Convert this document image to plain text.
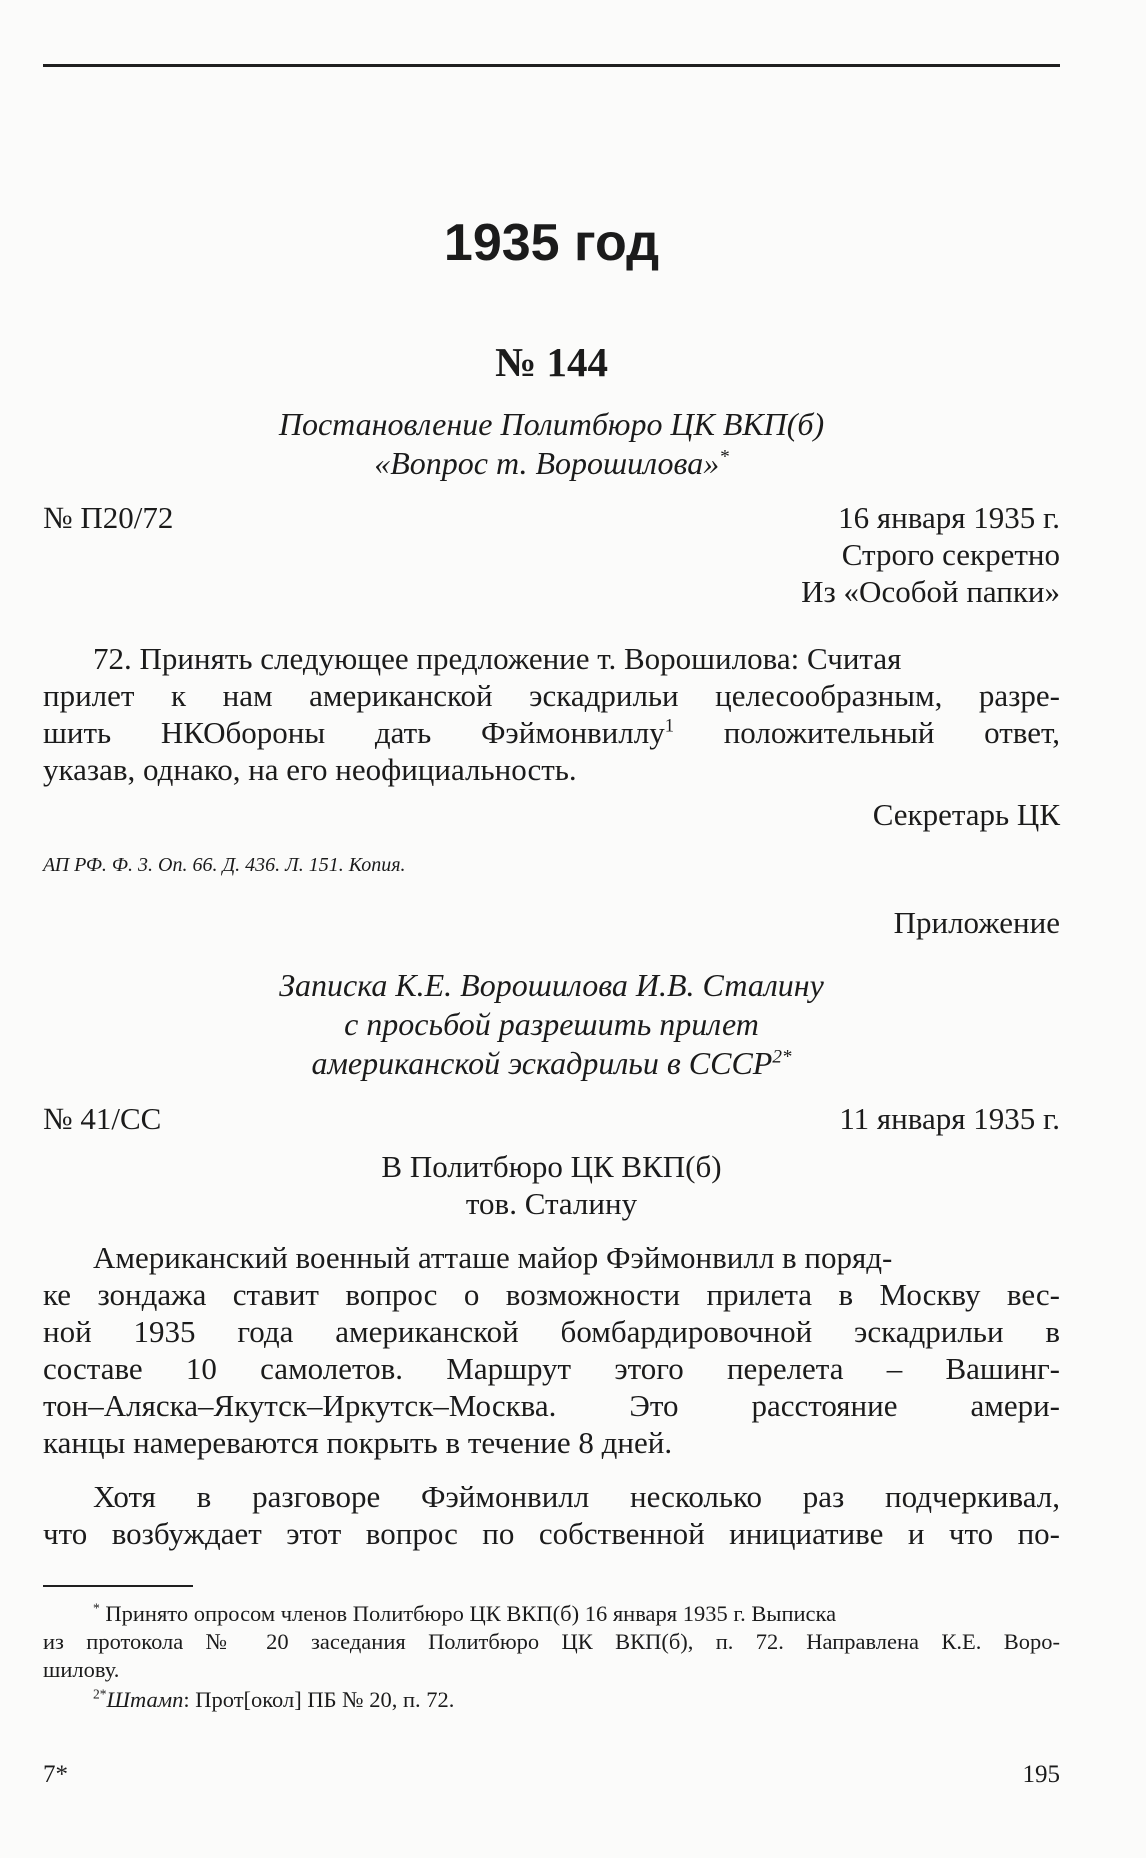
1935 год
№ 144
Постановление Политбюро ЦК ВКП(б)
«Вопрос т. Ворошилова»*
№ П20/72	16 января 1935 г.
Строго секретно
Из «Особой папки»
72. Принять следующее предложение т. Ворошилова: Считая
прилет к нам американской эскадрильи целесообразным, разре-
шить НКОбороны дать Фэймонвиллу$^1$ положительный ответ,
указав, однако, на его неофициальность.
Секретарь ЦК
АП РФ. Ф. 3. Оп. 66. Д. 436. Л. 151. Копия.
Приложение
Записка К.Е. Ворошилова И.В. Сталину
с просьбой разрешить прилет
американской эскадрильи в $СССР^{2*}$
№ 41/СС	11 января 1935 г.
В Политбюро ЦК ВКП(б)
тов. Сталину
Американский военный атташе майор Фэймонвилл в поряд-
ке зондажа ставит вопрос о возможности прилета в Москву вес-
ной 1935 года американской бомбардировочной эскадрильи в
составе 10 самолетов. Маршрут этого перелета – Вашинг-
тон–Аляска–Якутск–Иркутск–Москва. Это расстояние амери-
канцы намереваются покрыть в течение 8 дней.
Хотя в разговоре Фэймонвилл несколько раз подчеркивал,
что возбуждает этот вопрос по собственной инициативе и что по-
* Принято опросом членов Политбюро ЦК ВКП(б) 16 января 1935 г. Выписка
из протокола № 20 заседания Политбюро ЦК ВКП(б), п. 72. Направлена К.Е. Воро-
шилову.
$^{2*}$Штамп: Прот[окол] ПБ № 20, п. 72.
7*	195
